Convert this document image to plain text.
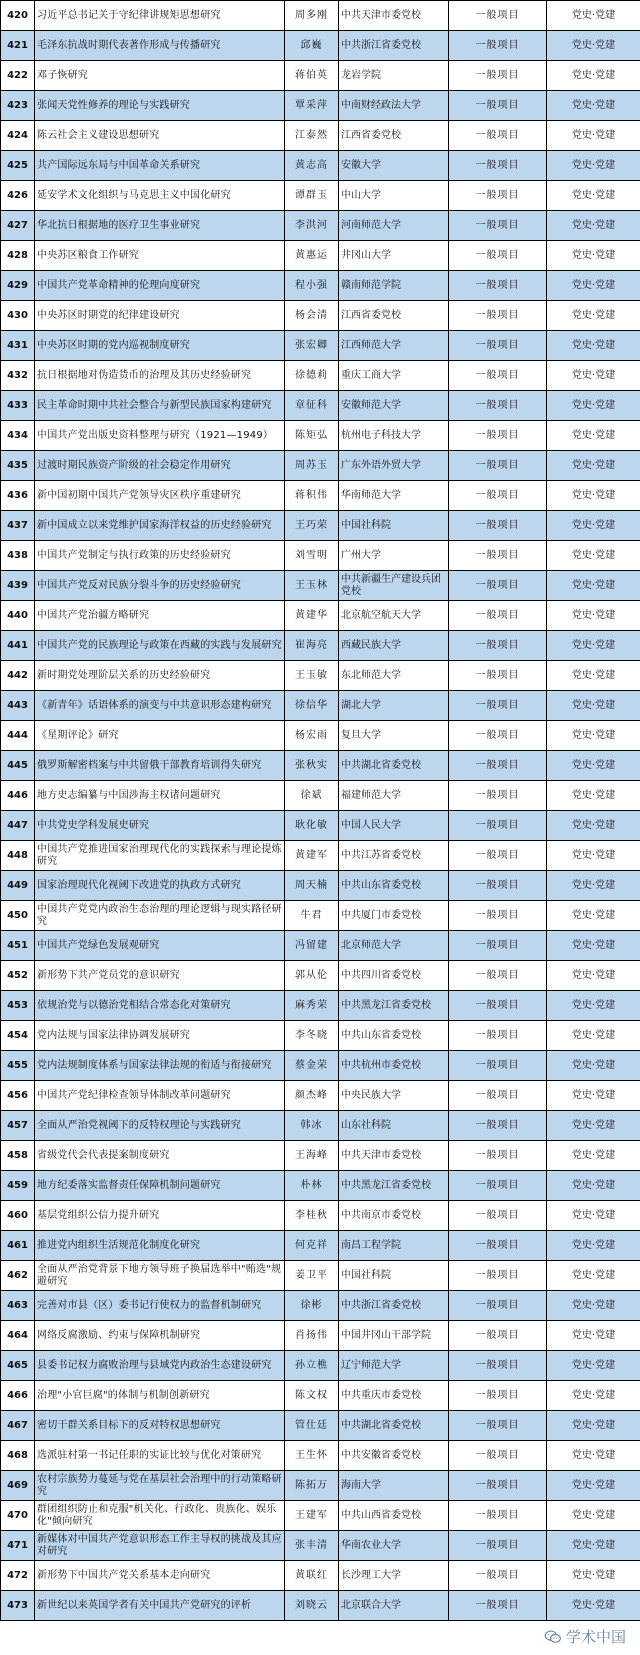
420	习近平总书记关于守纪律讲规矩思想研究	周多刚	中共天津市委党校	一般项目	党史·党建
421	毛泽东抗战时期代表著作形成与传播研究	邱巍	中共浙江省委党校	一般项目	党史·党建
422	邓子恢研究	蒋伯英	龙岩学院	一般项目	党史·党建
423	张闻天党性修养的理论与实践研究	覃采萍	中南财经政法大学	一般项目	党史·党建
424	陈云社会主义建设思想研究	江泰然	江西省委党校	一般项目	党史·党建
425	共产国际远东局与中国革命关系研究	黄志高	安徽大学	一般项目	党史·党建
426	延安学术文化组织与马克思主义中国化研究	谭群玉	中山大学	一般项目	党史·党建
427	华北抗日根据地的医疗卫生事业研究	李洪河	河南师范大学	一般项目	党史·党建
428	中央苏区粮食工作研究	黄惠运	井冈山大学	一般项目	党史·党建
429	中国共产党革命精神的伦理向度研究	程小强	赣南师范学院	一般项目	党史·党建
430	中央苏区时期党的纪律建设研究	杨会清	江西省委党校	一般项目	党史·党建
431	中央苏区时期的党内巡视制度研究	张宏卿	江西师范大学	一般项目	党史·党建
432	抗日根据地对伪造货币的治理及其历史经验研究	徐德莉	重庆工商大学	一般项目	党史·党建
433	民主革命时期中共社会整合与新型民族国家构建研究	章征科	安徽师范大学	一般项目	党史·党建
434	中国共产党出版史资料整理与研究（1921—1949）	陈矩弘	杭州电子科技大学	一般项目	党史·党建
435	过渡时期民族资产阶级的社会稳定作用研究	周苏玉	广东外语外贸大学	一般项目	党史·党建
436	新中国初期中国共产党领导灾区秩序重建研究	蒋积伟	华南师范大学	一般项目	党史·党建
437	新中国成立以来党维护国家海洋权益的历史经验研究	王巧荣	中国社科院	一般项目	党史·党建
438	中国共产党制定与执行政策的历史经验研究	刘雪明	广州大学	一般项目	党史·党建
439	中国共产党反对民族分裂斗争的历史经验研究	王玉林	中共新疆生产建设兵团党校	一般项目	党史·党建
440	中国共产党治疆方略研究	黄建华	北京航空航天大学	一般项目	党史·党建
441	中国共产党的民族理论与政策在西藏的实践与发展研究	崔海亮	西藏民族大学	一般项目	党史·党建
442	新时期党处理阶层关系的历史经验研究	王玉敏	东北师范大学	一般项目	党史·党建
443	《新青年》话语体系的演变与中共意识形态建构研究	徐信华	湖北大学	一般项目	党史·党建
444	《星期评论》研究	杨宏雨	复旦大学	一般项目	党史·党建
445	俄罗斯解密档案与中共留俄干部教育培训得失研究	张秋实	中共湖北省委党校	一般项目	党史·党建
446	地方史志编纂与中国涉海主权诸问题研究	徐斌	福建师范大学	一般项目	党史·党建
447	中共党史学科发展史研究	耿化敏	中国人民大学	一般项目	党史·党建
448	中国共产党推进国家治理现代化的实践探索与理论提炼研究	黄建军	中共江苏省委党校	一般项目	党史·党建
449	国家治理现代化视阈下改进党的执政方式研究	周天楠	中共山东省委党校	一般项目	党史·党建
450	中国共产党党内政治生态治理的理论逻辑与现实路径研究	牛君	中共厦门市委党校	一般项目	党史·党建
451	中国共产党绿色发展观研究	冯留建	北京师范大学	一般项目	党史·党建
452	新形势下共产党员党的意识研究	郭从伦	中共四川省委党校	一般项目	党史·党建
453	依规治党与以德治党相结合常态化对策研究	麻秀荣	中共黑龙江省委党校	一般项目	党史·党建
454	党内法规与国家法律协调发展研究	李冬晓	中共山东省委党校	一般项目	党史·党建
455	党内法规制度体系与国家法律法规的衔适与衔接研究	蔡金荣	中共杭州市委党校	一般项目	党史·党建
456	中国共产党纪律检查领导体制改革问题研究	颜杰峰	中央民族大学	一般项目	党史·党建
457	全面从严治党视阈下的反特权理论与实践研究	韩冰	山东社科院	一般项目	党史·党建
458	省级党代会代表提案制度研究	王海峰	中共天津市委党校	一般项目	党史·党建
459	地方纪委落实监督责任保障机制问题研究	朴林	中共黑龙江省委党校	一般项目	党史·党建
460	基层党组织公信力提升研究	李桂秋	中共南京市委党校	一般项目	党史·党建
461	推进党内组织生活规范化制度化研究	何克祥	南昌工程学院	一般项目	党史·党建
462	全面从严治党背景下地方领导班子换届选举中"贿选"规避研究	姜卫平	中国社科院	一般项目	党史·党建
463	完善对市县（区）委书记行使权力的监督机制研究	徐彬	中共浙江省委党校	一般项目	党史·党建
464	网络反腐激励、约束与保障机制研究	肖扬伟	中国井冈山干部学院	一般项目	党史·党建
465	县委书记权力腐败治理与县域党内政治生态建设研究	孙立樵	辽宁师范大学	一般项目	党史·党建
466	治理"小官巨腐"的体制与机制创新研究	陈文权	中共重庆市委党校	一般项目	党史·党建
467	密切干群关系目标下的反对特权思想研究	管仕廷	中共湖北省委党校	一般项目	党史·党建
468	选派驻村第一书记任职的实证比较与优化对策研究	王生怀	中共安徽省委党校	一般项目	党史·党建
469	农村宗族势力蔓延与党在基层社会治理中的行动策略研究	陈拓万	海南大学	一般项目	党史·党建
470	群团组织防止和克服"机关化、行政化、贵族化、娱乐化"倾向研究	王建军	中共山西省委党校	一般项目	党史·党建
471	新媒体对中国共产党意识形态工作主导权的挑战及其应对研究	张丰清	华南农业大学	一般项目	党史·党建
472	新形势下中国共产党关系基本走向研究	黄联红	长沙理工大学	一般项目	党史·党建
473	新世纪以来英国学者有关中国共产党研究的评析	刘晓云	北京联合大学	一般项目	党史·党建
学术中国
